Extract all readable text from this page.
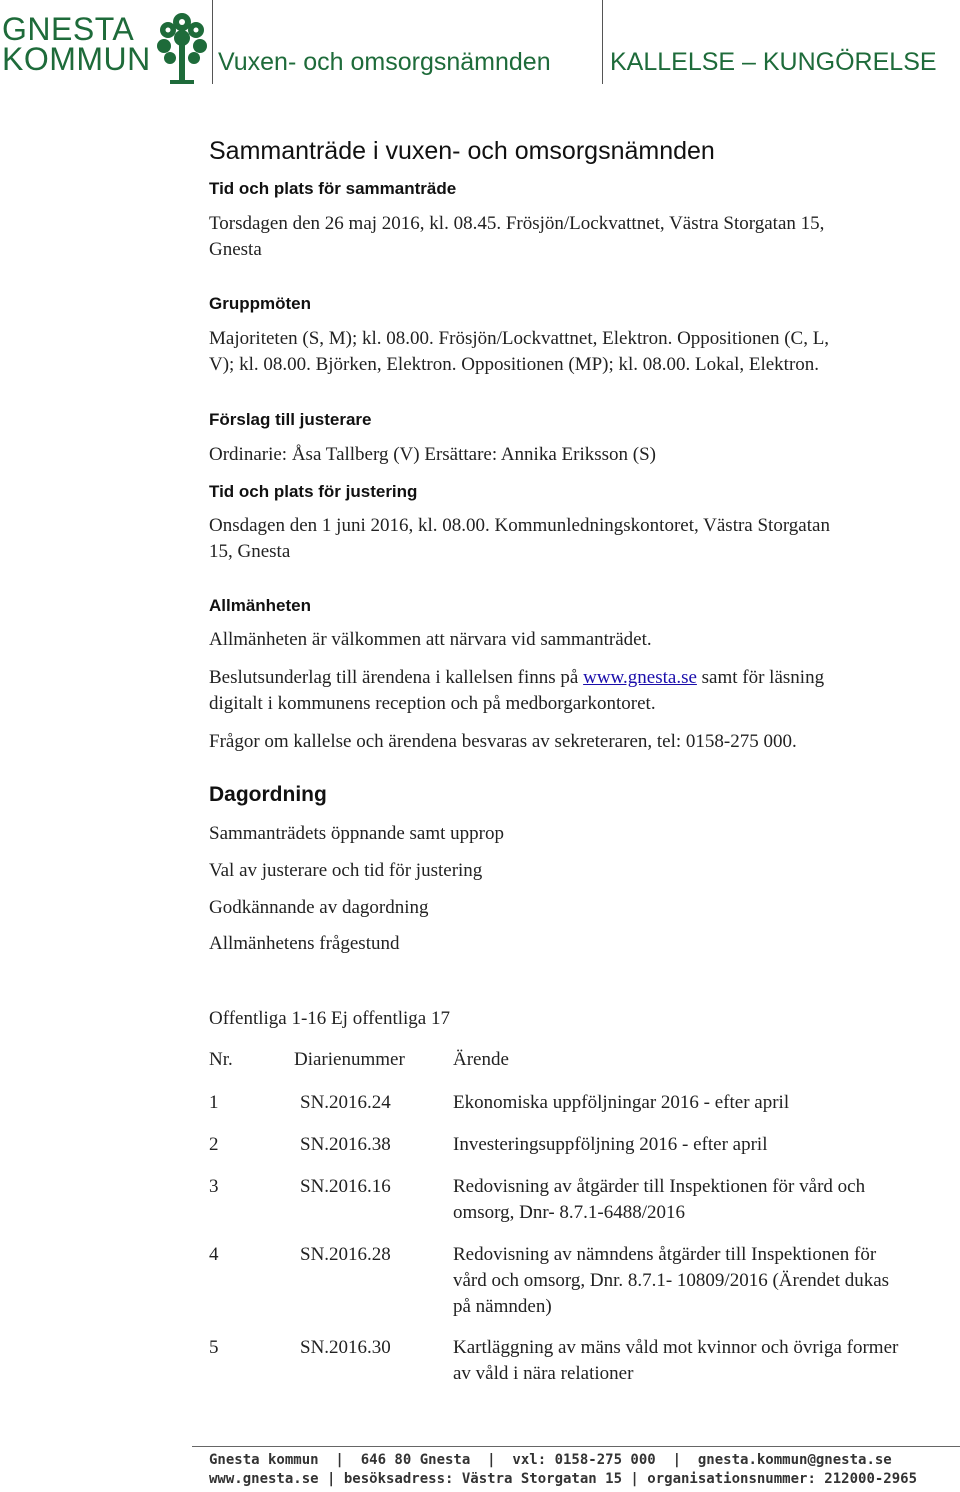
GNESTA
KOMMUN	Vuxen- och omsorgsnämnden KALLELSE – KUNGÖRELSE
Sammanträde i vuxen- och omsorgsnämnden
Tid och plats för sammanträde
Torsdagen den 26 maj 2016, kl. 08.45. Frösjön/Lockvattnet, Västra Storgatan 15,
Gnesta
Gruppmöten
Majoriteten (S, M); kl. 08.00. Frösjön/Lockvattnet, Elektron. Oppositionen (C, L,
V); kl. 08.00. Björken, Elektron. Oppositionen (MP); kl. 08.00. Lokal, Elektron.
Förslag till justerare
Ordinarie: Åsa Tallberg (V) Ersättare: Annika Eriksson (S)
Tid och plats för justering
Onsdagen den 1 juni 2016, kl. 08.00. Kommunledningskontoret, Västra Storgatan
15, Gnesta
Allmänheten
Allmänheten är välkommen att närvara vid sammanträdet.
Beslutsunderlag till ärendena i kallelsen finns på www.gnesta.se samt för läsning
digitalt i kommunens reception och på medborgarkontoret.
Frågor om kallelse och ärendena besvaras av sekreteraren, tel: 0158-275 000.
Dagordning
Sammanträdets öppnande samt upprop
Val av justerare och tid för justering
Godkännande av dagordning
Allmänhetens frågestund
Offentliga 1-16 Ej offentliga 17
Nr.	Diarienummer	Ärende
1	SN.2016.24	Ekonomiska uppföljningar 2016 - efter april
2	SN.2016.38	Investeringsuppföljning 2016 - efter april
3	SN.2016.16	Redovisning av åtgärder till Inspektionen för vård och omsorg, Dnr- 8.7.1-6488/2016
4	SN.2016.28	Redovisning av nämndens åtgärder till Inspektionen för vård och omsorg, Dnr. 8.7.1- 10809/2016 (Ärendet dukas på nämnden)
5	SN.2016.30	Kartläggning av mäns våld mot kvinnor och övriga former av våld i nära relationer
Gnesta kommun  |  646 80 Gnesta  |  vxl: 0158-275 000  |  gnesta.kommun@gnesta.se
www.gnesta.se | besöksadress: Västra Storgatan 15 | organisationsnummer: 212000-2965
